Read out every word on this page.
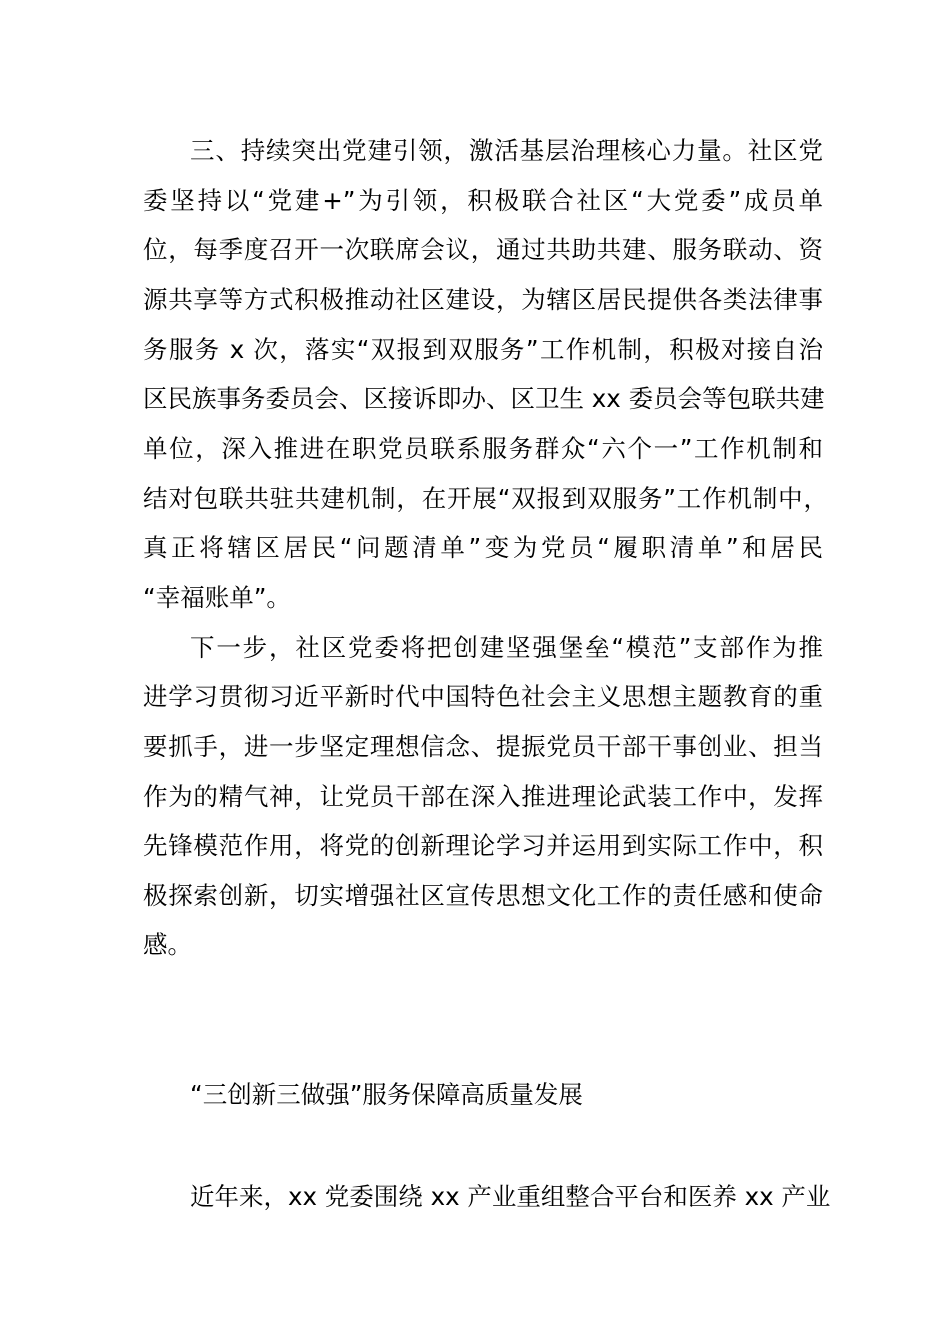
三、持续突出党建引领，激活基层治理核心力量。社区党
委坚持以“党建+”为引领，积极联合社区“大党委”成员单
位，每季度召开一次联席会议，通过共助共建、服务联动、资
源共享等方式积极推动社区建设，为辖区居民提供各类法律事
务服务 x 次，落实“双报到双服务”工作机制，积极对接自治
区民族事务委员会、区接诉即办、区卫生 xx 委员会等包联共建
单位，深入推进在职党员联系服务群众“六个一”工作机制和
结对包联共驻共建机制，在开展“双报到双服务”工作机制中，
真正将辖区居民“问题清单”变为党员“履职清单”和居民
“幸福账单”。
下一步，社区党委将把创建坚强堡垒“模范”支部作为推
进学习贯彻习近平新时代中国特色社会主义思想主题教育的重
要抓手，进一步坚定理想信念、提振党员干部干事创业、担当
作为的精气神，让党员干部在深入推进理论武装工作中，发挥
先锋模范作用，将党的创新理论学习并运用到实际工作中，积
极探索创新，切实增强社区宣传思想文化工作的责任感和使命
感。
“三创新三做强”服务保障高质量发展
近年来，xx 党委围绕 xx 产业重组整合平台和医养 xx 产业
